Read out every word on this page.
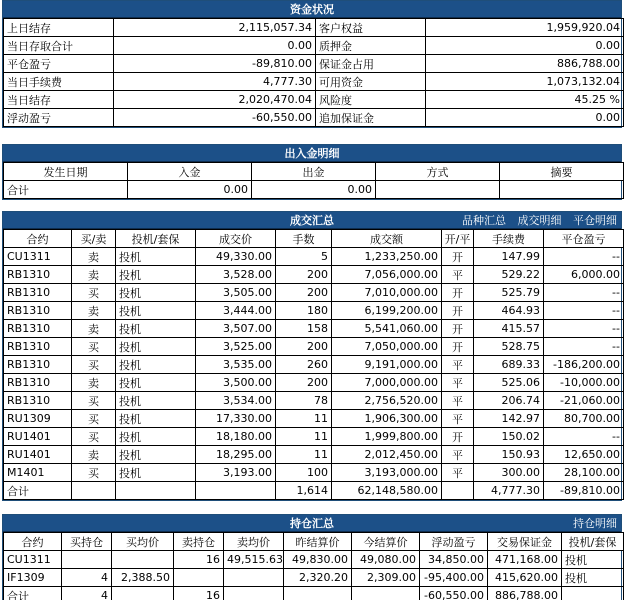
资金状况
上日结存	2,115,057.34	客户权益	1,959,920.04
当日存取合计	0.00	质押金	0.00
平仓盈亏	-89,810.00	保证金占用	886,788.00
当日手续费	4,777.30	可用资金	1,073,132.04
当日结存	2,020,470.04	风险度	45.25 %
浮动盈亏	-60,550.00	追加保证金	0.00
出入金明细
发生日期	入金	出金	方式	摘要
合计	0.00	0.00		
成交汇总	品种汇总 成交明细 平仓明细
合约	买/卖	投机/套保	成交价	手数	成交额	开/平	手续费	平仓盈亏
CU1311	卖	投机	49,330.00	5	1,233,250.00	开	147.99	--
RB1310	卖	投机	3,528.00	200	7,056,000.00	平	529.22	6,000.00
RB1310	买	投机	3,505.00	200	7,010,000.00	开	525.79	--
RB1310	卖	投机	3,444.00	180	6,199,200.00	开	464.93	--
RB1310	卖	投机	3,507.00	158	5,541,060.00	开	415.57	--
RB1310	买	投机	3,525.00	200	7,050,000.00	开	528.75	--
RB1310	买	投机	3,535.00	260	9,191,000.00	平	689.33	-186,200.00
RB1310	卖	投机	3,500.00	200	7,000,000.00	平	525.06	-10,000.00
RB1310	买	投机	3,534.00	78	2,756,520.00	平	206.74	-21,060.00
RU1309	买	投机	17,330.00	11	1,906,300.00	平	142.97	80,700.00
RU1401	买	投机	18,180.00	11	1,999,800.00	开	150.02	--
RU1401	卖	投机	18,295.00	11	2,012,450.00	平	150.93	12,650.00
M1401	买	投机	3,193.00	100	3,193,000.00	平	300.00	28,100.00
合计				1,614	62,148,580.00		4,777.30	-89,810.00
持仓汇总	持仓明细
合约	买持仓	买均价	卖持仓	卖均价	昨结算价	今结算价	浮动盈亏	交易保证金	投机/套保
CU1311			16	49,515.63	49,830.00	49,080.00	34,850.00	471,168.00	投机
IF1309	4	2,388.50			2,320.20	2,309.00	-95,400.00	415,620.00	投机
合计	4		16				-60,550.00	886,788.00	
